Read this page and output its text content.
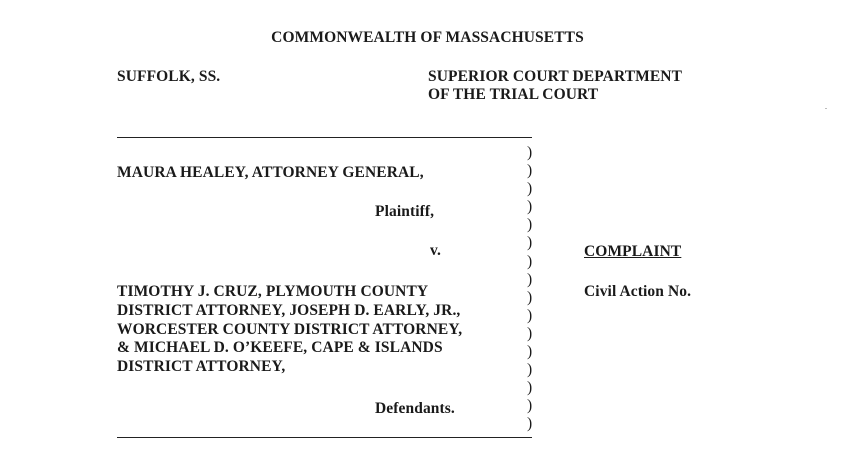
COMMONWEALTH OF MASSACHUSETTS
SUFFOLK, SS.	SUPERIOR COURT DEPARTMENT
OF THE TRIAL COURT
)
)
)
)
)
)
)
)
)
)
)
)
)
)
)
)
MAURA HEALEY, ATTORNEY GENERAL,
Plaintiff,
v.
TIMOTHY J. CRUZ, PLYMOUTH COUNTY
DISTRICT ATTORNEY, JOSEPH D. EARLY, JR.,
WORCESTER COUNTY DISTRICT ATTORNEY,
& MICHAEL D. O’KEEFE, CAPE & ISLANDS
DISTRICT ATTORNEY,
Defendants.
COMPLAINT
Civil Action No.
